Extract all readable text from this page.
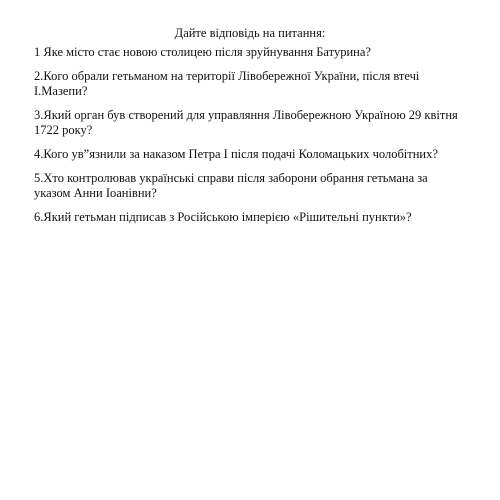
Дайте відповідь на питання:
1 Яке місто стає новою столицею після зруйнування Батурина?
2.Кого обрали гетьманом на території Лівобережної України, після втечі
І.Мазепи?
3.Який орган був створений для управляння Лівобережною Україною 29 квітня
1722 року?
4.Кого ув”язнили за наказом Петра І після подачі Коломацьких чолобітних?
5.Хто контролював українські справи після заборони обрання гетьмана за
указом Анни Іоанівни?
6.Який гетьман підписав з Російською імперією «Рішительні пункти»?
